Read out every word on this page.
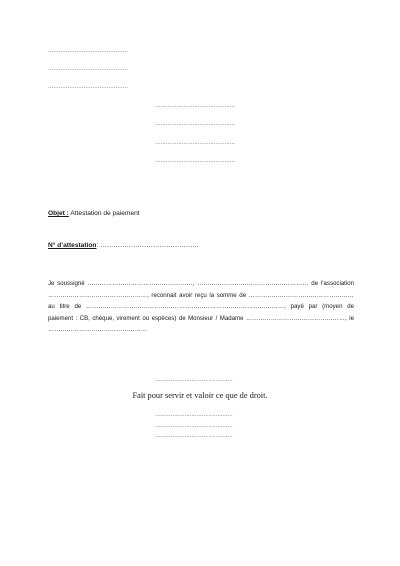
………………………………………
………………………………………
………………………………………
………………………………………
………………………………………
………………………………………
………………………………………
Objet : Attestation de paiement
N° d’attestation: ………………………………………
Je soussigné ……………………………………………, ……………………………………………… de l’association …………………………………………, reconnait avoir reçu la somme de …………………………………………… au titre de ……………………………………………………………………………………, payé par (moyen de paiement : CB, chèque, virement ou espèces) de Monsieur / Madame …………………………………………, le …………………………………………
………………………………………
Fait pour servir et valoir ce que de droit.
………………………………………
………………………………………
………………………………………
